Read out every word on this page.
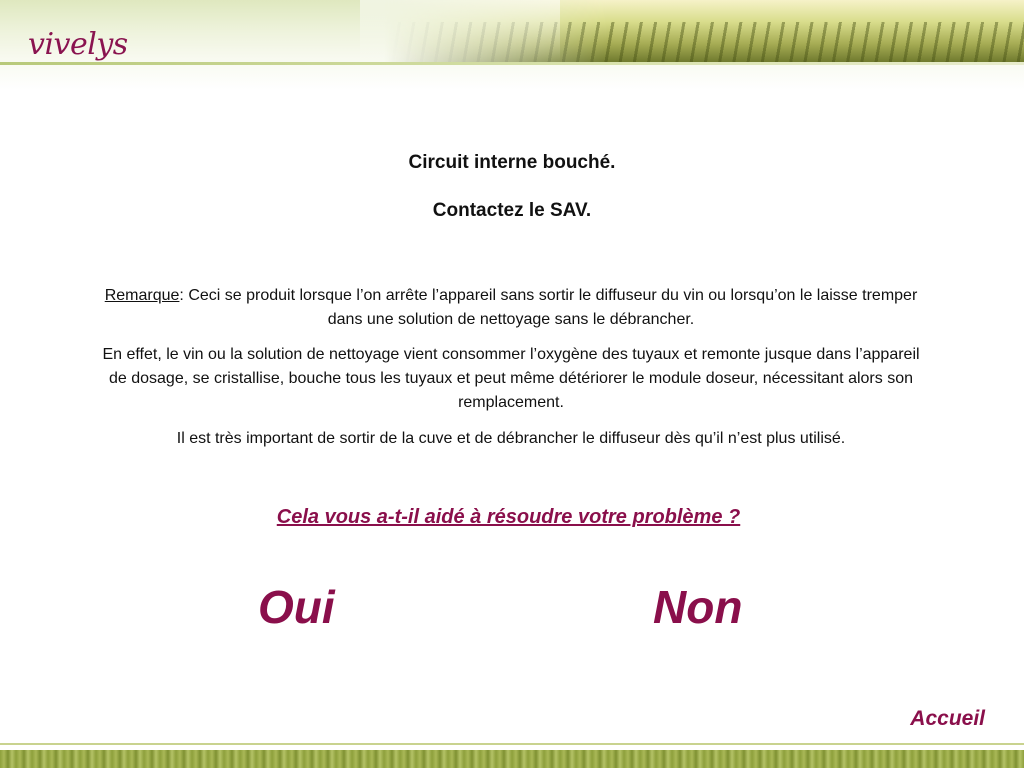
vivelys
Circuit interne bouché.
Contactez le SAV.
Remarque: Ceci se produit lorsque l’on arrête l’appareil sans sortir le diffuseur du vin ou lorsqu’on le laisse tremper dans une solution de nettoyage sans le débrancher.
En effet, le vin ou la solution de nettoyage vient consommer l’oxygène des tuyaux et remonte jusque dans l’appareil de dosage, se cristallise, bouche tous les tuyaux et peut même détériorer le module doseur, nécessitant alors son remplacement.
Il est très important de sortir de la cuve et de débrancher le diffuseur dès qu’il n’est plus utilisé.
Cela vous a-t-il aidé à résoudre votre problème ?
Oui	Non
Accueil
